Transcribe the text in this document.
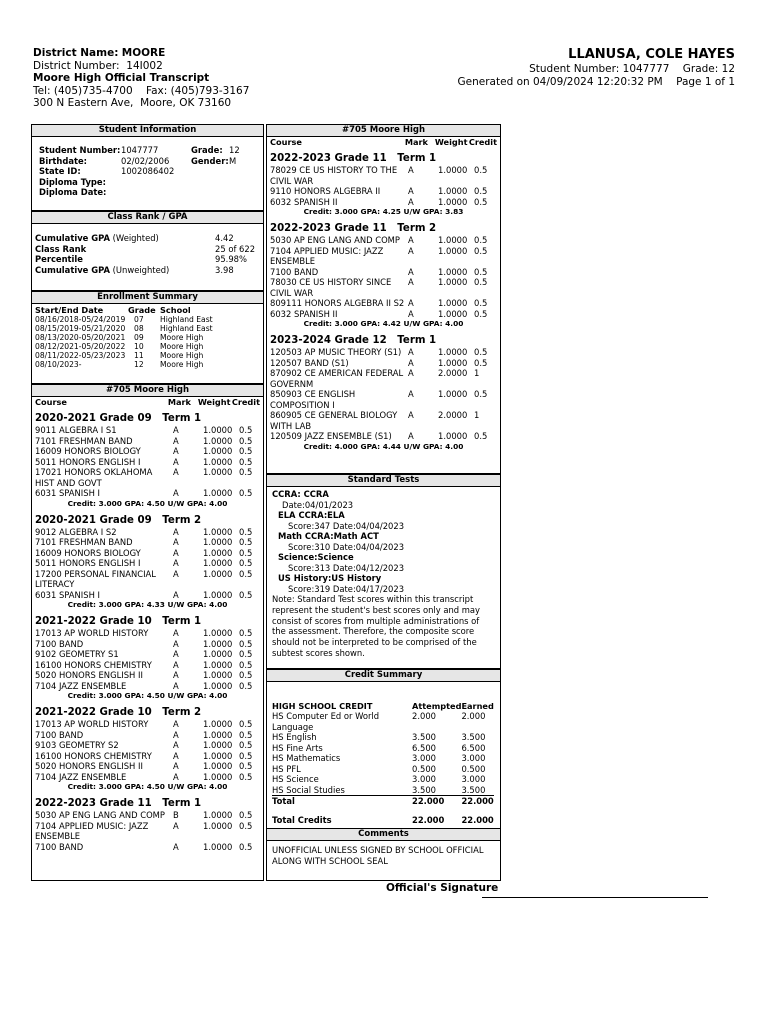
District Name: MOORE
District Number: 14I002
Moore High Official Transcript
Tel: (405)735-4700    Fax: (405)793-3167
300 N Eastern Ave,  Moore, OK 73160
LLANUSA, COLE HAYES
Student Number: 1047777    Grade: 12
Generated on 04/09/2024 12:20:32 PM    Page 1 of 1
Student Information
Student Number:	1047777	Grade:	12
Birthdate:	02/02/2006	Gender:	M
State ID:	1002086402		
Diploma Type:			
Diploma Date:			
Class Rank / GPA
Cumulative GPA (Weighted)	4.42
Class Rank	25 of 622
Percentile	95.98%
Cumulative GPA (Unweighted)	3.98
Enrollment Summary
Start/End Date	Grade	School
08/16/2018-05/24/2019	07	Highland East
08/15/2019-05/21/2020	08	Highland East
08/13/2020-05/20/2021	09	Moore High
08/12/2021-05/20/2022	10	Moore High
08/11/2022-05/23/2023	11	Moore High
08/10/2023-	12	Moore High
#705 Moore High
Course	Mark	Weight	Credit
2020-2021 Grade 09   Term 1
9011 ALGEBRA I S1	A	1.0000	0.5
7101 FRESHMAN BAND	A	1.0000	0.5
16009 HONORS BIOLOGY	A	1.0000	0.5
5011 HONORS ENGLISH I	A	1.0000	0.5
17021 HONORS OKLAHOMA HIST AND GOVT	A	1.0000	0.5
6031 SPANISH I	A	1.0000	0.5
Credit: 3.000 GPA: 4.50 U/W GPA: 4.00
2020-2021 Grade 09   Term 2
9012 ALGEBRA I S2	A	1.0000	0.5
7101 FRESHMAN BAND	A	1.0000	0.5
16009 HONORS BIOLOGY	A	1.0000	0.5
5011 HONORS ENGLISH I	A	1.0000	0.5
17200 PERSONAL FINANCIAL LITERACY	A	1.0000	0.5
6031 SPANISH I	A	1.0000	0.5
Credit: 3.000 GPA: 4.33 U/W GPA: 4.00
2021-2022 Grade 10   Term 1
17013 AP WORLD HISTORY	A	1.0000	0.5
7100 BAND	A	1.0000	0.5
9102 GEOMETRY S1	A	1.0000	0.5
16100 HONORS CHEMISTRY	A	1.0000	0.5
5020 HONORS ENGLISH II	A	1.0000	0.5
7104 JAZZ ENSEMBLE	A	1.0000	0.5
Credit: 3.000 GPA: 4.50 U/W GPA: 4.00
2021-2022 Grade 10   Term 2
17013 AP WORLD HISTORY	A	1.0000	0.5
7100 BAND	A	1.0000	0.5
9103 GEOMETRY S2	A	1.0000	0.5
16100 HONORS CHEMISTRY	A	1.0000	0.5
5020 HONORS ENGLISH II	A	1.0000	0.5
7104 JAZZ ENSEMBLE	A	1.0000	0.5
Credit: 3.000 GPA: 4.50 U/W GPA: 4.00
2022-2023 Grade 11   Term 1
5030 AP ENG LANG AND COMP	B	1.0000	0.5
7104 APPLIED MUSIC: JAZZ ENSEMBLE	A	1.0000	0.5
7100 BAND	A	1.0000	0.5
#705 Moore High
Course	Mark	Weight	Credit
2022-2023 Grade 11   Term 1
78029 CE US HISTORY TO THE CIVIL WAR	A	1.0000	0.5
9110 HONORS ALGEBRA II	A	1.0000	0.5
6032 SPANISH II	A	1.0000	0.5
Credit: 3.000 GPA: 4.25 U/W GPA: 3.83
2022-2023 Grade 11   Term 2
5030 AP ENG LANG AND COMP	A	1.0000	0.5
7104 APPLIED MUSIC: JAZZ ENSEMBLE	A	1.0000	0.5
7100 BAND	A	1.0000	0.5
78030 CE US HISTORY SINCE CIVIL WAR	A	1.0000	0.5
809111 HONORS ALGEBRA II S2	A	1.0000	0.5
6032 SPANISH II	A	1.0000	0.5
Credit: 3.000 GPA: 4.42 U/W GPA: 4.00
2023-2024 Grade 12   Term 1
120503 AP MUSIC THEORY (S1)	A	1.0000	0.5
120507 BAND (S1)	A	1.0000	0.5
870902 CE AMERICAN FEDERAL GOVERNM	A	2.0000	1
850903 CE ENGLISH COMPOSITION I	A	1.0000	0.5
860905 CE GENERAL BIOLOGY WITH LAB	A	2.0000	1
120509 JAZZ ENSEMBLE (S1)	A	1.0000	0.5
Credit: 4.000 GPA: 4.44 U/W GPA: 4.00
Standard Tests
CCRA: CCRA
Date:04/01/2023
ELA CCRA:ELA
Score:347 Date:04/04/2023
Math CCRA:Math ACT
Score:310 Date:04/04/2023
Science:Science
Score:313 Date:04/12/2023
US History:US History
Score:319 Date:04/17/2023
Note: Standard Test scores within this transcript represent the student's best scores only and may consist of scores from multiple administrations of the assessment. Therefore, the composite score should not be interpreted to be comprised of the subtest scores shown.
Credit Summary
HIGH SCHOOL CREDIT	Attempted	Earned
HS Computer Ed or World Language	2.000	2.000
HS English	3.500	3.500
HS Fine Arts	6.500	6.500
HS Mathematics	3.000	3.000
HS PFL	0.500	0.500
HS Science	3.000	3.000
HS Social Studies	3.500	3.500
Total	22.000	22.000
Total Credits	22.000	22.000
Comments
UNOFFICIAL UNLESS SIGNED BY SCHOOL OFFICIAL ALONG WITH SCHOOL SEAL
Official's Signature
